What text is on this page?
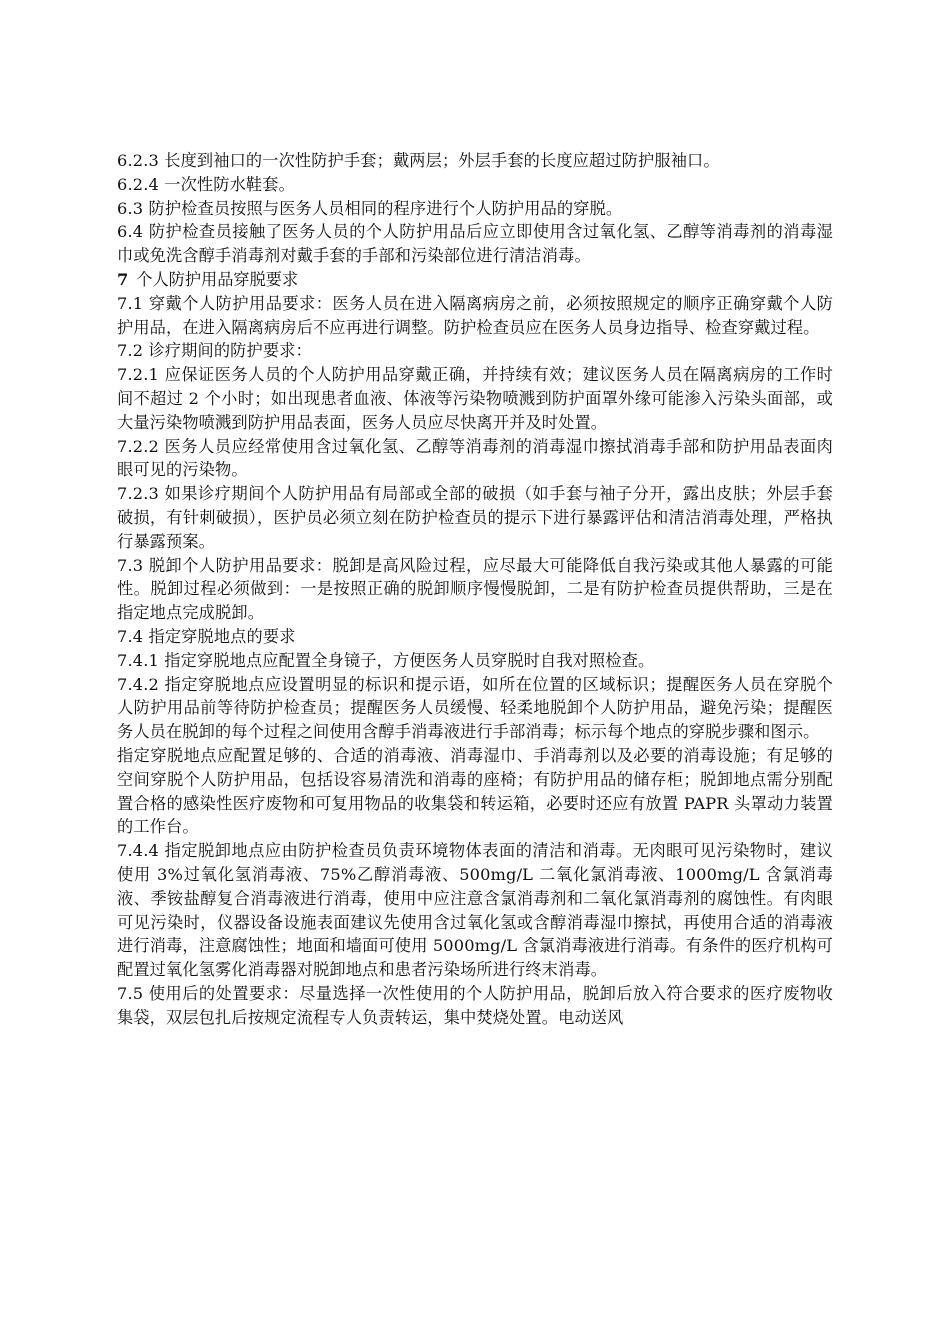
6.2.3 长度到袖口的一次性防护手套；戴两层；外层手套的长度应超过防护服袖口。

6.2.4 一次性防水鞋套。

6.3 防护检查员按照与医务人员相同的程序进行个人防护用品的穿脱。

6.4 防护检查员接触了医务人员的个人防护用品后应立即使用含过氧化氢、乙醇等消毒剂的消毒湿巾或免洗含醇手消毒剂对戴手套的手部和污染部位进行清洁消毒。

7 个人防护用品穿脱要求

7.1 穿戴个人防护用品要求：医务人员在进入隔离病房之前，必须按照规定的顺序正确穿戴个人防护用品，在进入隔离病房后不应再进行调整。防护检查员应在医务人员身边指导、检查穿戴过程。

7.2 诊疗期间的防护要求：

7.2.1 应保证医务人员的个人防护用品穿戴正确，并持续有效；建议医务人员在隔离病房的工作时间不超过 2 个小时；如出现患者血液、体液等污染物喷溅到防护面罩外缘可能渗入污染头面部，或大量污染物喷溅到防护用品表面，医务人员应尽快离开并及时处置。

7.2.2 医务人员应经常使用含过氧化氢、乙醇等消毒剂的消毒湿巾擦拭消毒手部和防护用品表面肉眼可见的污染物。

7.2.3 如果诊疗期间个人防护用品有局部或全部的破损（如手套与袖子分开，露出皮肤；外层手套破损，有针刺破损），医护员必须立刻在防护检查员的提示下进行暴露评估和清洁消毒处理，严格执行暴露预案。

7.3 脱卸个人防护用品要求：脱卸是高风险过程，应尽最大可能降低自我污染或其他人暴露的可能性。脱卸过程必须做到：一是按照正确的脱卸顺序慢慢脱卸，二是有防护检查员提供帮助，三是在指定地点完成脱卸。

7.4 指定穿脱地点的要求

7.4.1 指定穿脱地点应配置全身镜子，方便医务人员穿脱时自我对照检查。

7.4.2 指定穿脱地点应设置明显的标识和提示语，如所在位置的区域标识；提醒医务人员在穿脱个人防护用品前等待防护检查员；提醒医务人员缓慢、轻柔地脱卸个人防护用品，避免污染；提醒医务人员在脱卸的每个过程之间使用含醇手消毒液进行手部消毒；标示每个地点的穿脱步骤和图示。

指定穿脱地点应配置足够的、合适的消毒液、消毒湿巾、手消毒剂以及必要的消毒设施；有足够的空间穿脱个人防护用品，包括设容易清洗和消毒的座椅；有防护用品的储存柜；脱卸地点需分别配置合格的感染性医疗废物和可复用物品的收集袋和转运箱，必要时还应有放置 PAPR 头罩动力装置的工作台。

7.4.4 指定脱卸地点应由防护检查员负责环境物体表面的清洁和消毒。无肉眼可见污染物时，建议使用 3%过氧化氢消毒液、75%乙醇消毒液、500mg/L 二氧化氯消毒液、1000mg/L 含氯消毒液、季铵盐醇复合消毒液进行消毒，使用中应注意含氯消毒剂和二氧化氯消毒剂的腐蚀性。有肉眼可见污染时，仪器设备设施表面建议先使用含过氧化氢或含醇消毒湿巾擦拭，再使用合适的消毒液进行消毒，注意腐蚀性；地面和墙面可使用 5000mg/L 含氯消毒液进行消毒。有条件的医疗机构可配置过氧化氢雾化消毒器对脱卸地点和患者污染场所进行终末消毒。

7.5 使用后的处置要求：尽量选择一次性使用的个人防护用品，脱卸后放入符合要求的医疗废物收集袋，双层包扎后按规定流程专人负责转运，集中焚烧处置。电动送风
